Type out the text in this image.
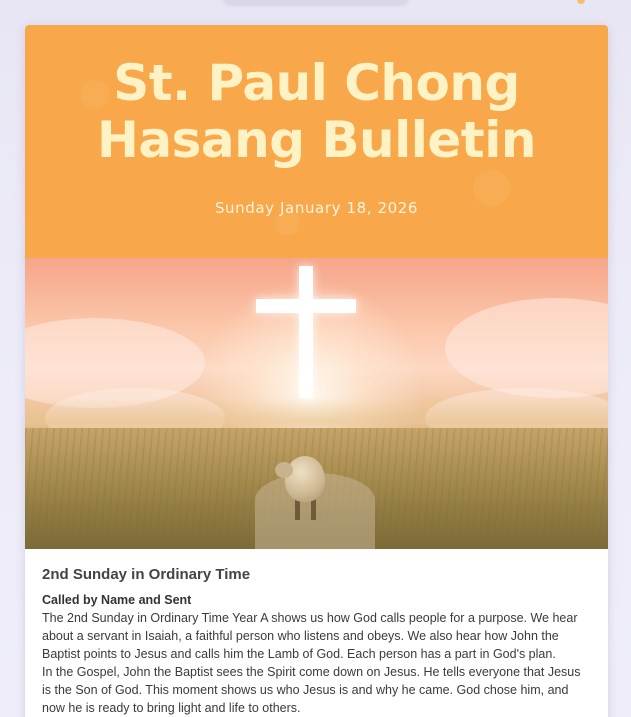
St. Paul Chong Hasang Bulletin
Sunday January 18, 2026
2nd Sunday in Ordinary Time

Called by Name and Sent

The 2nd Sunday in Ordinary Time Year A shows us how God calls people for a purpose. We hear about a servant in Isaiah, a faithful person who listens and obeys. We also hear how John the Baptist points to Jesus and calls him the Lamb of God. Each person has a part in God's plan.

In the Gospel, John the Baptist sees the Spirit come down on Jesus. He tells everyone that Jesus is the Son of God. This moment shows us who Jesus is and why he came. God chose him, and now he is ready to bring light and life to others.
